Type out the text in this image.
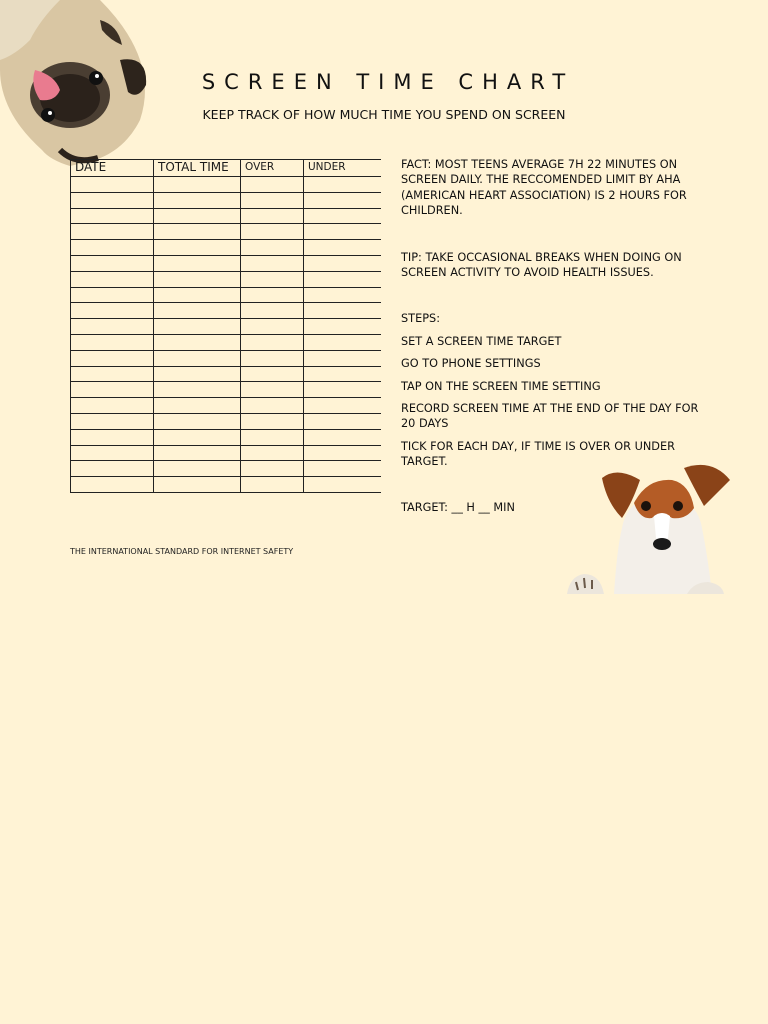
SCREEN TIME CHART
KEEP TRACK OF HOW MUCH TIME YOU SPEND ON SCREEN
DATE	TOTAL TIME	OVER	UNDER

				FACT: MOST TEENS AVERAGE 7H 22 MINUTES ON SCREEN DAILY. THE RECCOMENDED LIMIT BY AHA (AMERICAN HEART ASSOCIATION) IS 2 HOURS FOR CHILDREN.

TIP: TAKE OCCASIONAL BREAKS WHEN DOING ON SCREEN ACTIVITY TO AVOID HEALTH ISSUES.

STEPS:

SET A SCREEN TIME TARGET

GO TO PHONE SETTINGS

TAP ON THE SCREEN TIME SETTING

RECORD SCREEN TIME AT THE END OF THE DAY FOR 20 DAYS

TICK FOR EACH DAY, IF TIME IS OVER OR UNDER TARGET.

TARGET: __ H __ MIN

THE INTERNATIONAL STANDARD FOR INTERNET SAFETY
